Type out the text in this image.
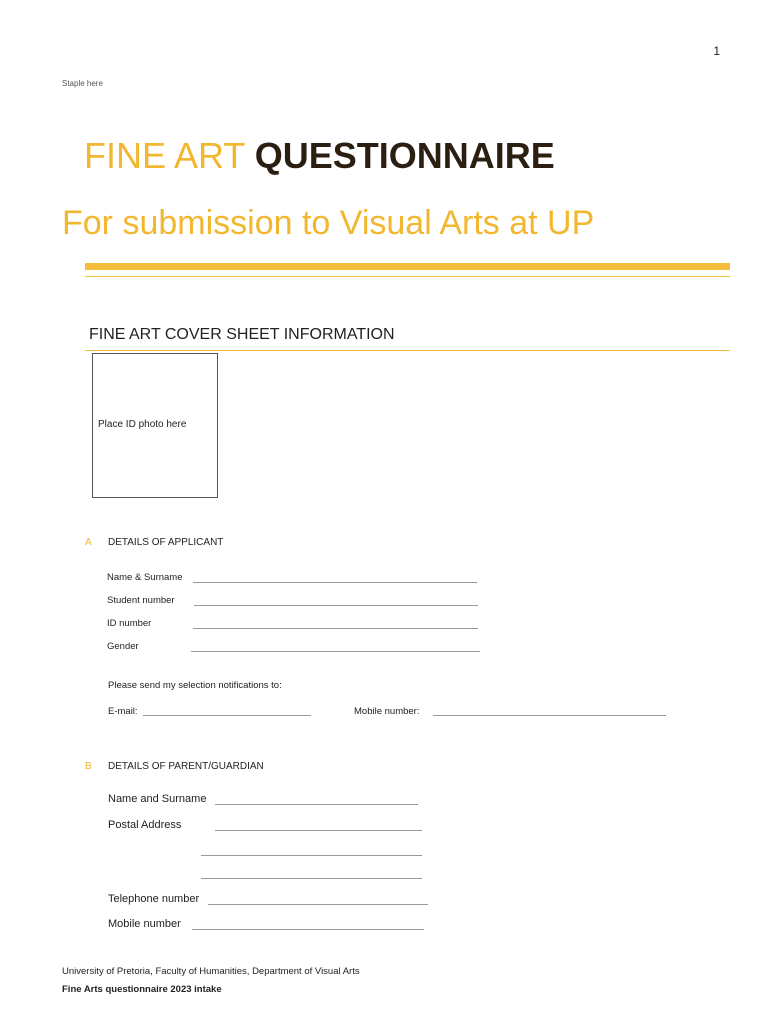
1
Staple here
FINE ART QUESTIONNAIRE
For submission to Visual Arts at UP
FINE ART COVER SHEET INFORMATION
Place ID photo here
A DETAILS OF APPLICANT
Name & Surname
Student number
ID number
Gender
Please send my selection notifications to:
E-mail:	Mobile number:
B DETAILS OF PARENT/GUARDIAN
Name and Surname
Postal Address
Telephone number
Mobile number
University of Pretoria, Faculty of Humanities, Department of Visual Arts
Fine Arts questionnaire 2023 intake
